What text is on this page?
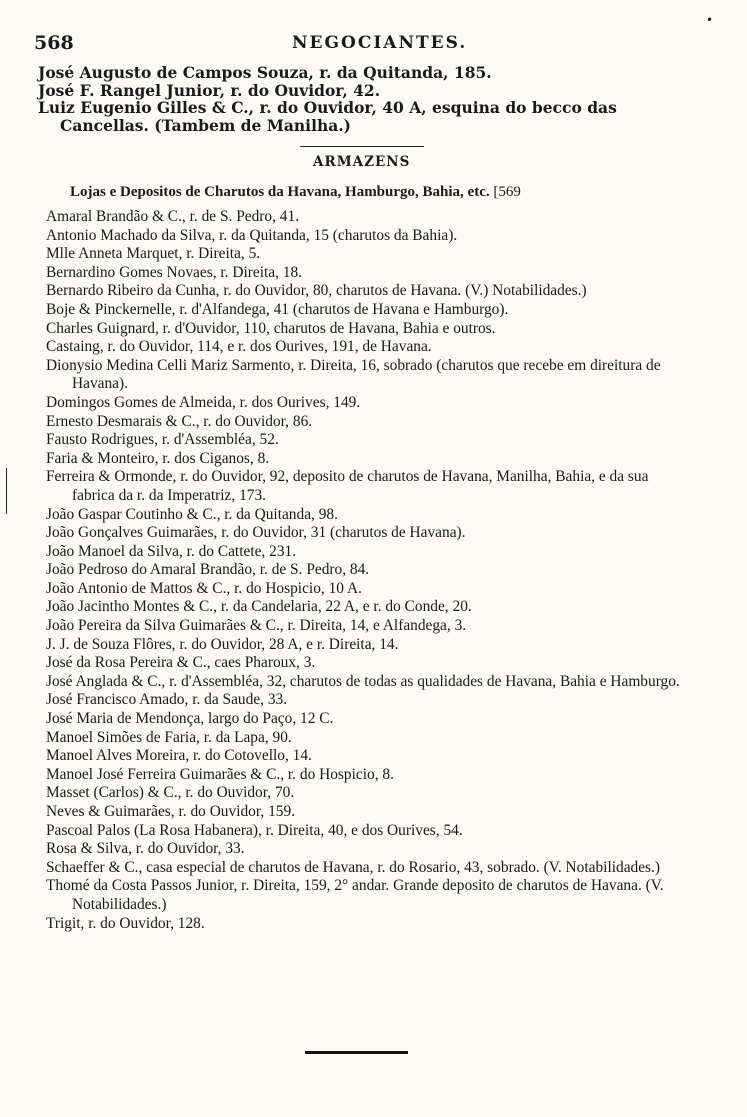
•
568	NEGOCIANTES.

José Augusto de Campos Souza, r. da Quitanda, 185.

José F. Rangel Junior, r. do Ouvidor, 42.

Luiz Eugenio Gilles & C., r. do Ouvidor, 40 A, esquina do becco das Cancellas. (Tambem de Manilha.)

ARMAZENS
Lojas e Depositos de Charutos da Havana, Hamburgo, Bahia, etc. [569

Amaral Brandão & C., r. de S. Pedro, 41.

Antonio Machado da Silva, r. da Quitanda, 15 (charutos da Bahia).

Mlle Anneta Marquet, r. Direita, 5.

Bernardino Gomes Novaes, r. Direita, 18.

Bernardo Ribeiro da Cunha, r. do Ouvidor, 80, charutos de Havana. (V.) Notabilidades.)

Boje & Pinckernelle, r. d'Alfandega, 41 (charutos de Havana e Hamburgo).

Charles Guignard, r. d'Ouvidor, 110, charutos de Havana, Bahia e outros.

Castaing, r. do Ouvidor, 114, e r. dos Ourives, 191, de Havana.

Dionysio Medina Celli Mariz Sarmento, r. Direita, 16, sobrado (charutos que recebe em direitura de Havana).

Domingos Gomes de Almeida, r. dos Ourives, 149.

Ernesto Desmarais & C., r. do Ouvidor, 86.

Fausto Rodrigues, r. d'Assembléa, 52.

Faria & Monteiro, r. dos Ciganos, 8.

Ferreira & Ormonde, r. do Ouvidor, 92, deposito de charutos de Havana, Manilha, Bahia, e da sua fabrica da r. da Imperatriz, 173.

João Gaspar Coutinho & C., r. da Quitanda, 98.

João Gonçalves Guimarães, r. do Ouvidor, 31 (charutos de Havana).

João Manoel da Silva, r. do Cattete, 231.

João Pedroso do Amaral Brandão, r. de S. Pedro, 84.

João Antonio de Mattos & C., r. do Hospicio, 10 A.

João Jacintho Montes & C., r. da Candelaria, 22 A, e r. do Conde, 20.

João Pereira da Silva Guimarães & C., r. Direita, 14, e Alfandega, 3.

J. J. de Souza Flôres, r. do Ouvidor, 28 A, e r. Direita, 14.

José da Rosa Pereira & C., caes Pharoux, 3.

José Anglada & C., r. d'Assembléa, 32, charutos de todas as qualidades de Havana, Bahia e Hamburgo.

José Francisco Amado, r. da Saude, 33.

José Maria de Mendonça, largo do Paço, 12 C.

Manoel Simões de Faria, r. da Lapa, 90.

Manoel Alves Moreira, r. do Cotovello, 14.

Manoel José Ferreira Guimarães & C., r. do Hospicio, 8.

Masset (Carlos) & C., r. do Ouvidor, 70.

Neves & Guimarães, r. do Ouvidor, 159.

Pascoal Palos (La Rosa Habanera), r. Direita, 40, e dos Ourives, 54.

Rosa & Silva, r. do Ouvidor, 33.

Schaeffer & C., casa especial de charutos de Havana, r. do Rosario, 43, sobrado. (V. Notabilidades.)

Thomé da Costa Passos Junior, r. Direita, 159, 2° andar. Grande deposito de charutos de Havana. (V. Notabilidades.)

Trigit, r. do Ouvidor, 128.
